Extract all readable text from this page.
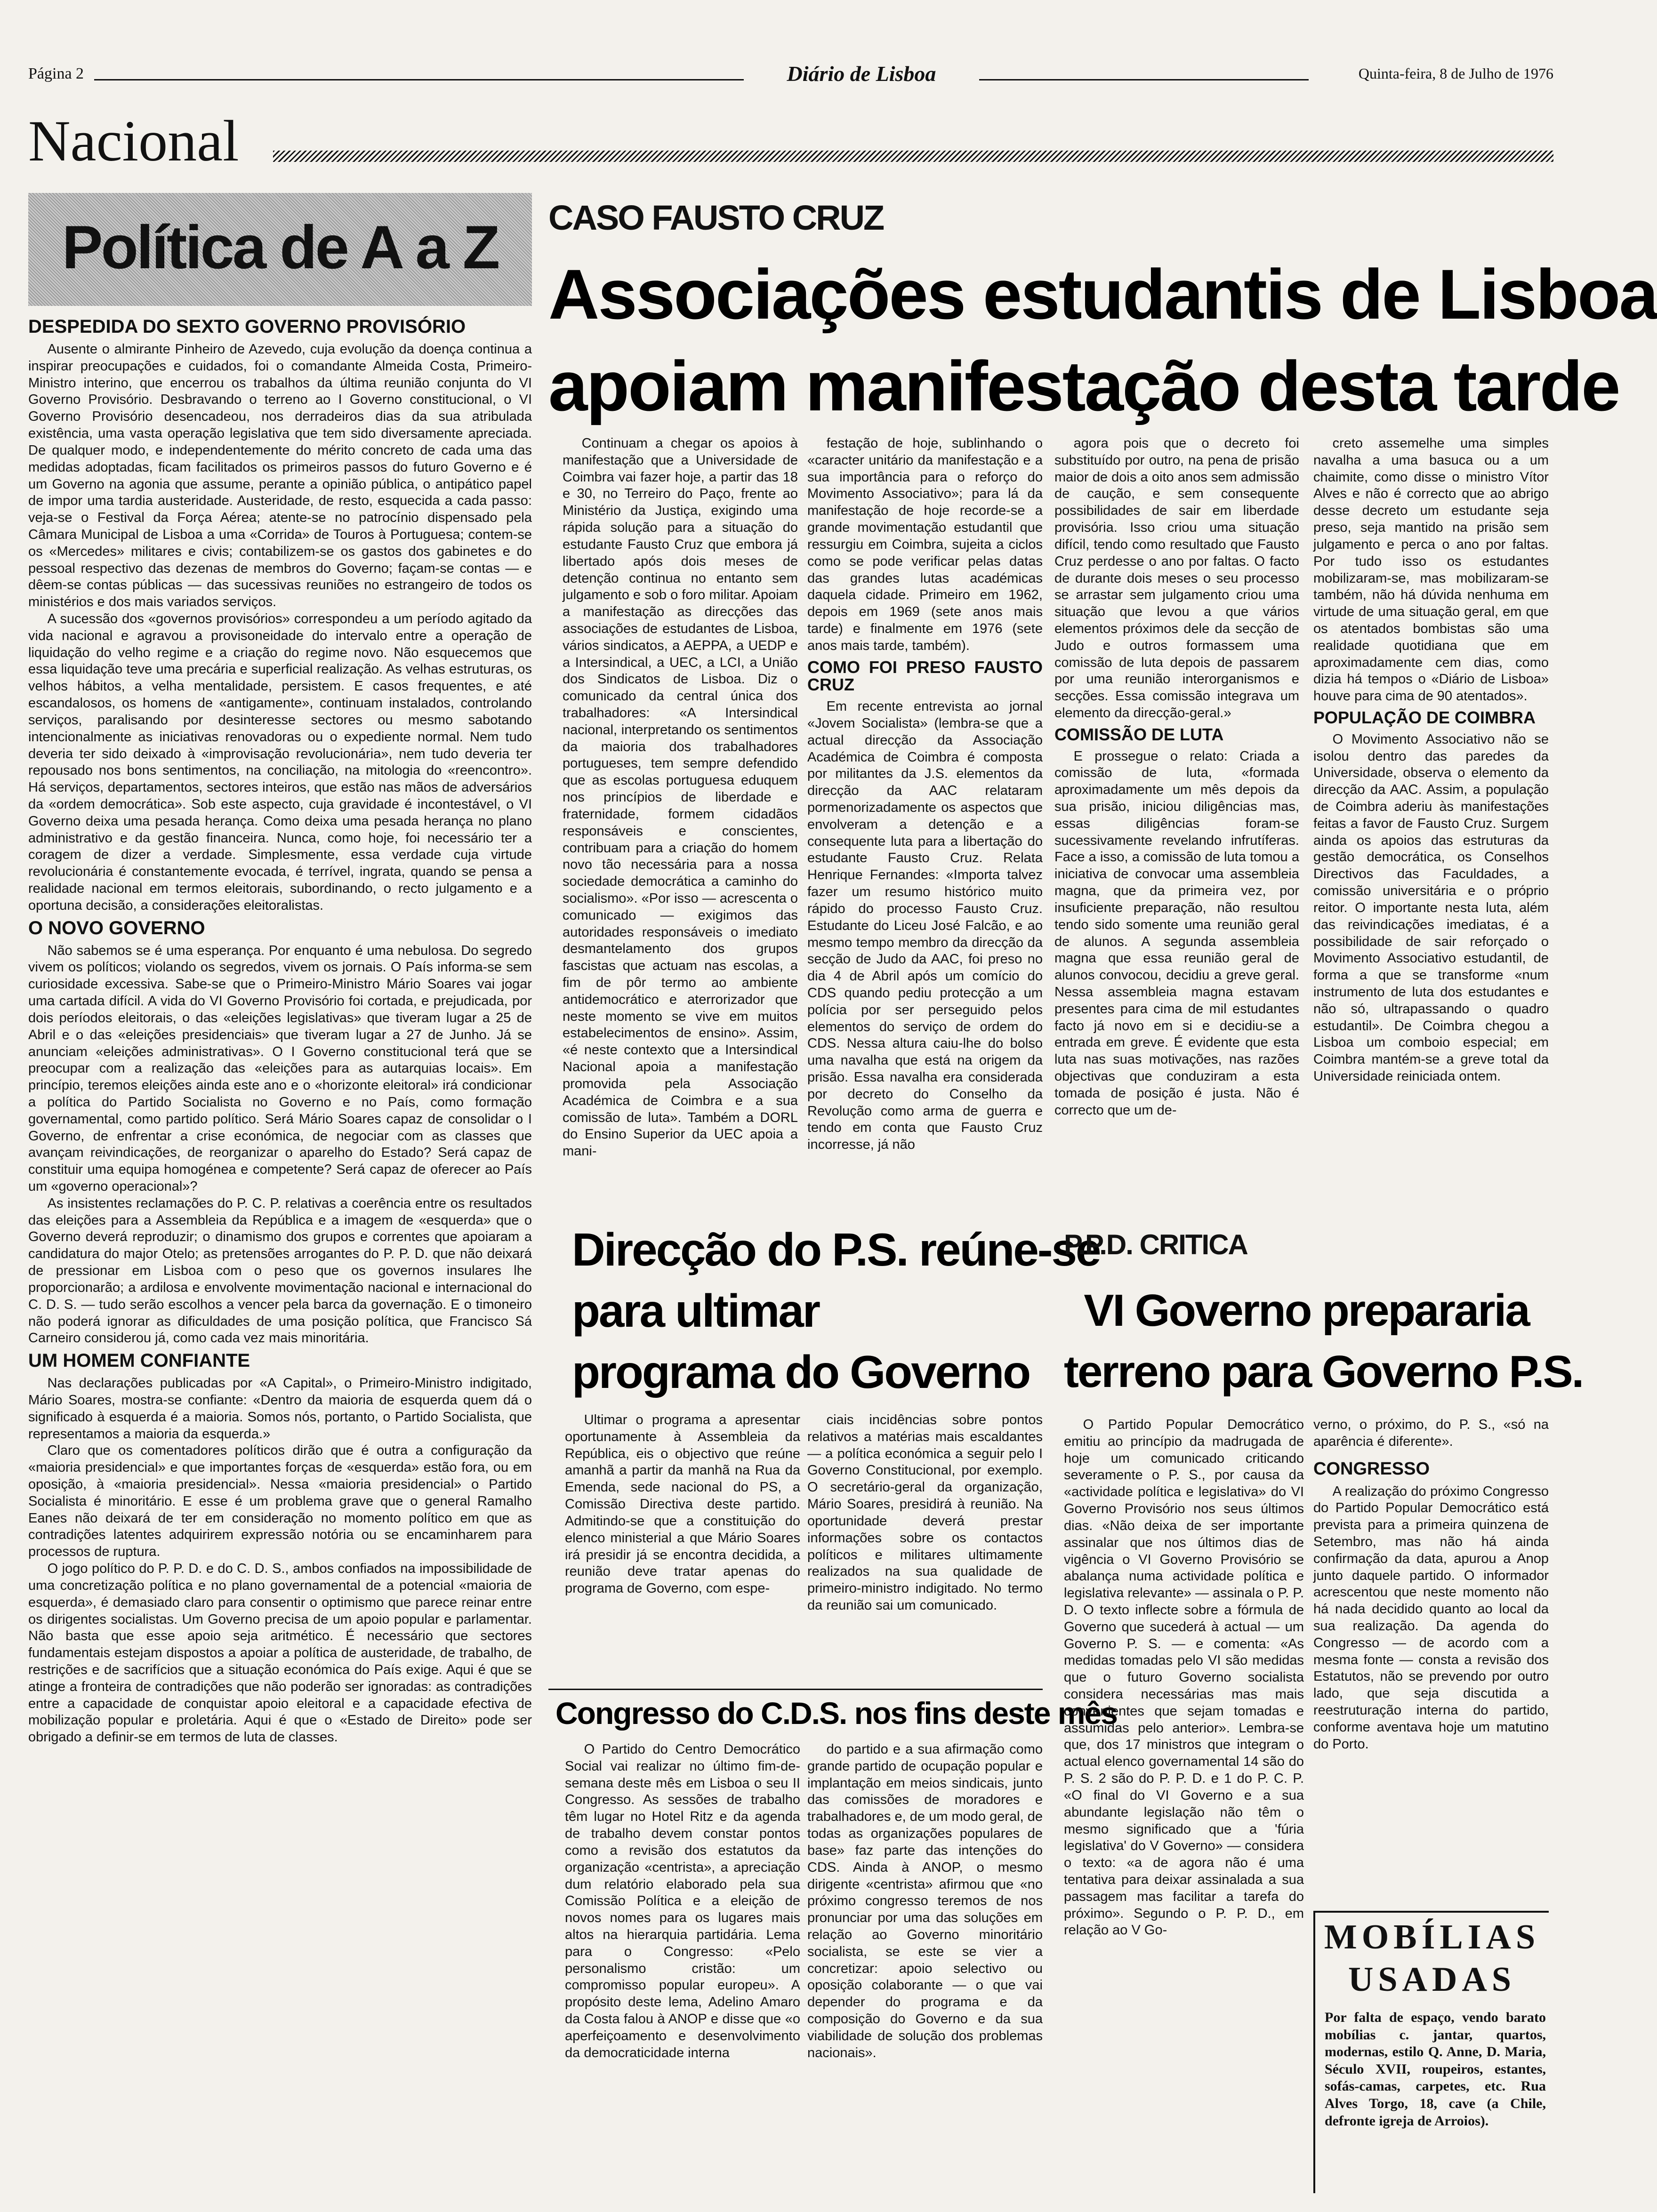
Página 2	Diário de Lisboa	Quinta-feira, 8 de Julho de 1976
Nacional
Política de A a Z
DESPEDIDA DO SEXTO GOVERNO PROVISÓRIO

Ausente o almirante Pinheiro de Azevedo, cuja evolução da doença continua a inspirar preocupações e cuidados, foi o comandante Almeida Costa, Primeiro-Ministro interino, que encerrou os trabalhos da última reunião conjunta do VI Governo Provisório. Desbravando o terreno ao I Governo constitucional, o VI Governo Provisório desencadeou, nos derradeiros dias da sua atribulada existência, uma vasta operação legislativa que tem sido diversamente apreciada. De qualquer modo, e independentemente do mérito concreto de cada uma das medidas adoptadas, ficam facilitados os primeiros passos do futuro Governo e é um Governo na agonia que assume, perante a opinião pública, o antipático papel de impor uma tardia austeridade. Austeridade, de resto, esquecida a cada passo: veja-se o Festival da Força Aérea; atente-se no patrocínio dispensado pela Câmara Municipal de Lisboa a uma «Corrida» de Touros à Portuguesa; contem-se os «Mercedes» militares e civis; contabilizem-se os gastos dos gabinetes e do pessoal respectivo das dezenas de membros do Governo; façam-se contas — e dêem-se contas públicas — das sucessivas reuniões no estrangeiro de todos os ministérios e dos mais variados serviços.

A sucessão dos «governos provisórios» correspondeu a um período agitado da vida nacional e agravou a provisoneidade do intervalo entre a operação de liquidação do velho regime e a criação do regime novo. Não esquecemos que essa liquidação teve uma precária e superficial realização. As velhas estruturas, os velhos hábitos, a velha mentalidade, persistem. E casos frequentes, e até escandalosos, os homens de «antigamente», continuam instalados, controlando serviços, paralisando por desinteresse sectores ou mesmo sabotando intencionalmente as iniciativas renovadoras ou o expediente normal. Nem tudo deveria ter sido deixado à «improvisação revolucionária», nem tudo deveria ter repousado nos bons sentimentos, na conciliação, na mitologia do «reencontro». Há serviços, departamentos, sectores inteiros, que estão nas mãos de adversários da «ordem democrática». Sob este aspecto, cuja gravidade é incontestável, o VI Governo deixa uma pesada herança. Como deixa uma pesada herança no plano administrativo e da gestão financeira. Nunca, como hoje, foi necessário ter a coragem de dizer a verdade. Simplesmente, essa verdade cuja virtude revolucionária é constantemente evocada, é terrível, ingrata, quando se pensa a realidade nacional em termos eleitorais, subordinando, o recto julgamento e a oportuna decisão, a considerações eleitoralistas.

O NOVO GOVERNO

Não sabemos se é uma esperança. Por enquanto é uma nebulosa. Do segredo vivem os políticos; violando os segredos, vivem os jornais. O País informa-se sem curiosidade excessiva. Sabe-se que o Primeiro-Ministro Mário Soares vai jogar uma cartada difícil. A vida do VI Governo Provisório foi cortada, e prejudicada, por dois períodos eleitorais, o das «eleições legislativas» que tiveram lugar a 25 de Abril e o das «eleições presidenciais» que tiveram lugar a 27 de Junho. Já se anunciam «eleições administrativas». O I Governo constitucional terá que se preocupar com a realização das «eleições para as autarquias locais». Em princípio, teremos eleições ainda este ano e o «horizonte eleitoral» irá condicionar a política do Partido Socialista no Governo e no País, como formação governamental, como partido político. Será Mário Soares capaz de consolidar o I Governo, de enfrentar a crise económica, de negociar com as classes que avançam reivindicações, de reorganizar o aparelho do Estado? Será capaz de constituir uma equipa homogénea e competente? Será capaz de oferecer ao País um «governo operacional»?

As insistentes reclamações do P. C. P. relativas a coerência entre os resultados das eleições para a Assembleia da República e a imagem de «esquerda» que o Governo deverá reproduzir; o dinamismo dos grupos e correntes que apoiaram a candidatura do major Otelo; as pretensões arrogantes do P. P. D. que não deixará de pressionar em Lisboa com o peso que os governos insulares lhe proporcionarão; a ardilosa e envolvente movimentação nacional e internacional do C. D. S. — tudo serão escolhos a vencer pela barca da governação. E o timoneiro não poderá ignorar as dificuldades de uma posição política, que Francisco Sá Carneiro considerou já, como cada vez mais minoritária.

UM HOMEM CONFIANTE

Nas declarações publicadas por «A Capital», o Primeiro-Ministro indigitado, Mário Soares, mostra-se confiante: «Dentro da maioria de esquerda quem dá o significado à esquerda é a maioria. Somos nós, portanto, o Partido Socialista, que representamos a maioria da esquerda.»

Claro que os comentadores políticos dirão que é outra a configuração da «maioria presidencial» e que importantes forças de «esquerda» estão fora, ou em oposição, à «maioria presidencial». Nessa «maioria presidencial» o Partido Socialista é minoritário. E esse é um problema grave que o general Ramalho Eanes não deixará de ter em consideração no momento político em que as contradições latentes adquirirem expressão notória ou se encaminharem para processos de ruptura.

O jogo político do P. P. D. e do C. D. S., ambos confiados na impossibilidade de uma concretização política e no plano governamental de a potencial «maioria de esquerda», é demasiado claro para consentir o optimismo que parece reinar entre os dirigentes socialistas. Um Governo precisa de um apoio popular e parlamentar. Não basta que esse apoio seja aritmético. É necessário que sectores fundamentais estejam dispostos a apoiar a política de austeridade, de trabalho, de restrições e de sacrifícios que a situação económica do País exige. Aqui é que se atinge a fronteira de contradições que não poderão ser ignoradas: as contradições entre a capacidade de conquistar apoio eleitoral e a capacidade efectiva de mobilização popular e proletária. Aqui é que o «Estado de Direito» pode ser obrigado a definir-se em termos de luta de classes.

CASO FAUSTO CRUZ
Associações estudantis de Lisboa
apoiam manifestação desta tarde

Continuam a chegar os apoios à manifestação que a Universidade de Coimbra vai fazer hoje, a partir das 18 e 30, no Terreiro do Paço, frente ao Ministério da Justiça, exigindo uma rápida solução para a situação do estudante Fausto Cruz que embora já libertado após dois meses de detenção continua no entanto sem julgamento e sob o foro militar. Apoiam a manifestação as direcções das associações de estudantes de Lisboa, vários sindicatos, a AEPPA, a UEDP e a Intersindical, a UEC, a LCI, a União dos Sindicatos de Lisboa. Diz o comunicado da central única dos trabalhadores: «A Intersindical nacional, interpretando os sentimentos da maioria dos trabalhadores portugueses, tem sempre defendido que as escolas portuguesa eduquem nos princípios de liberdade e fraternidade, formem cidadãos responsáveis e conscientes, contribuam para a criação do homem novo tão necessária para a nossa sociedade democrática a caminho do socialismo». «Por isso — acrescenta o comunicado — exigimos das autoridades responsáveis o imediato desmantelamento dos grupos fascistas que actuam nas escolas, a fim de pôr termo ao ambiente antidemocrático e aterrorizador que neste momento se vive em muitos estabelecimentos de ensino». Assim, «é neste contexto que a Intersindical Nacional apoia a manifestação promovida pela Associação Académica de Coimbra e a sua comissão de luta». Também a DORL do Ensino Superior da UEC apoia a mani-

festação de hoje, sublinhando o «caracter unitário da manifestação e a sua importância para o reforço do Movimento Associativo»; para lá da manifestação de hoje recorde-se a grande movimentação estudantil que ressurgiu em Coimbra, sujeita a ciclos como se pode verificar pelas datas das grandes lutas académicas daquela cidade. Primeiro em 1962, depois em 1969 (sete anos mais tarde) e finalmente em 1976 (sete anos mais tarde, também).

COMO FOI PRESO FAUSTO CRUZ

Em recente entrevista ao jornal «Jovem Socialista» (lembra-se que a actual direcção da Associação Académica de Coimbra é composta por militantes da J.S. elementos da direcção da AAC relataram pormenorizadamente os aspectos que envolveram a detenção e a consequente luta para a libertação do estudante Fausto Cruz. Relata Henrique Fernandes: «Importa talvez fazer um resumo histórico muito rápido do processo Fausto Cruz. Estudante do Liceu José Falcão, e ao mesmo tempo membro da direcção da secção de Judo da AAC, foi preso no dia 4 de Abril após um comício do CDS quando pediu protecção a um polícia por ser perseguido pelos elementos do serviço de ordem do CDS. Nessa altura caiu-lhe do bolso uma navalha que está na origem da prisão. Essa navalha era considerada por decreto do Conselho da Revolução como arma de guerra e tendo em conta que Fausto Cruz incorresse, já não

agora pois que o decreto foi substituído por outro, na pena de prisão maior de dois a oito anos sem admissão de caução, e sem consequente possibilidades de sair em liberdade provisória. Isso criou uma situação difícil, tendo como resultado que Fausto Cruz perdesse o ano por faltas. O facto de durante dois meses o seu processo se arrastar sem julgamento criou uma situação que levou a que vários elementos próximos dele da secção de Judo e outros formassem uma comissão de luta depois de passarem por uma reunião interorganismos e secções. Essa comissão integrava um elemento da direcção-geral.»

COMISSÃO DE LUTA

E prossegue o relato: Criada a comissão de luta, «formada aproximadamente um mês depois da sua prisão, iniciou diligências mas, essas diligências foram-se sucessivamente revelando infrutíferas. Face a isso, a comissão de luta tomou a iniciativa de convocar uma assembleia magna, que da primeira vez, por insuficiente preparação, não resultou tendo sido somente uma reunião geral de alunos. A segunda assembleia magna que essa reunião geral de alunos convocou, decidiu a greve geral. Nessa assembleia magna estavam presentes para cima de mil estudantes facto já novo em si e decidiu-se a entrada em greve. É evidente que esta luta nas suas motivações, nas razões objectivas que conduziram a esta tomada de posição é justa. Não é correcto que um de-

creto assemelhe uma simples navalha a uma basuca ou a um chaimite, como disse o ministro Vítor Alves e não é correcto que ao abrigo desse decreto um estudante seja preso, seja mantido na prisão sem julgamento e perca o ano por faltas. Por tudo isso os estudantes mobilizaram-se, mas mobilizaram-se também, não há dúvida nenhuma em virtude de uma situação geral, em que os atentados bombistas são uma realidade quotidiana que em aproximadamente cem dias, como dizia há tempos o «Diário de Lisboa» houve para cima de 90 atentados».

POPULAÇÃO DE COIMBRA

O Movimento Associativo não se isolou dentro das paredes da Universidade, observa o elemento da direcção da AAC. Assim, a população de Coimbra aderiu às manifestações feitas a favor de Fausto Cruz. Surgem ainda os apoios das estruturas da gestão democrática, os Conselhos Directivos das Faculdades, a comissão universitária e o próprio reitor. O importante nesta luta, além das reivindicações imediatas, é a possibilidade de sair reforçado o Movimento Associativo estudantil, de forma a que se transforme «num instrumento de luta dos estudantes e não só, ultrapassando o quadro estudantil». De Coimbra chegou a Lisboa um comboio especial; em Coimbra mantém-se a greve total da Universidade reiniciada ontem.

Direcção do P.S. reúne-se
para ultimar
programa do Governo

Ultimar o programa a apresentar oportunamente à Assembleia da República, eis o objectivo que reúne amanhã a partir da manhã na Rua da Emenda, sede nacional do PS, a Comissão Directiva deste partido. Admitindo-se que a constituição do elenco ministerial a que Mário Soares irá presidir já se encontra decidida, a reunião deve tratar apenas do programa de Governo, com espe-

ciais incidências sobre pontos relativos a matérias mais escaldantes — a política económica a seguir pelo I Governo Constitucional, por exemplo. O secretário-geral da organização, Mário Soares, presidirá à reunião. Na oportunidade deverá prestar informações sobre os contactos políticos e militares ultimamente realizados na sua qualidade de primeiro-ministro indigitado. No termo da reunião sai um comunicado.

Congresso do C.D.S. nos fins deste mês

O Partido do Centro Democrático Social vai realizar no último fim-de-semana deste mês em Lisboa o seu II Congresso. As sessões de trabalho têm lugar no Hotel Ritz e da agenda de trabalho devem constar pontos como a revisão dos estatutos da organização «centrista», a apreciação dum relatório elaborado pela sua Comissão Política e a eleição de novos nomes para os lugares mais altos na hierarquia partidária. Lema para o Congresso: «Pelo personalismo cristão: um compromisso popular europeu». A propósito deste lema, Adelino Amaro da Costa falou à ANOP e disse que «o aperfeiçoamento e desenvolvimento da democraticidade interna

do partido e a sua afirmação como grande partido de ocupação popular e implantação em meios sindicais, junto das comissões de moradores e trabalhadores e, de um modo geral, de todas as organizações populares de base» faz parte das intenções do CDS. Ainda à ANOP, o mesmo dirigente «centrista» afirmou que «no próximo congresso teremos de nos pronunciar por uma das soluções em relação ao Governo minoritário socialista, se este se vier a concretizar: apoio selectivo ou oposição colaborante — o que vai depender do programa e da composição do Governo e da sua viabilidade de solução dos problemas nacionais».

P.P.D. CRITICA
VI Governo prepararia
terreno para Governo P.S.

O Partido Popular Democrático emitiu ao princípio da madrugada de hoje um comunicado criticando severamente o P. S., por causa da «actividade política e legislativa» do VI Governo Provisório nos seus últimos dias. «Não deixa de ser importante assinalar que nos últimos dias de vigência o VI Governo Provisório se abalança numa actividade política e legislativa relevante» — assinala o P. P. D. O texto inflecte sobre a fórmula de Governo que sucederá à actual — um Governo P. S. — e comenta: «As medidas tomadas pelo VI são medidas que o futuro Governo socialista considera necessárias mas mais convenientes que sejam tomadas e assumidas pelo anterior». Lembra-se que, dos 17 ministros que integram o actual elenco governamental 14 são do P. S. 2 são do P. P. D. e 1 do P. C. P. «O final do VI Governo e a sua abundante legislação não têm o mesmo significado que a 'fúria legislativa' do V Governo» — considera o texto: «a de agora não é uma tentativa para deixar assinalada a sua passagem mas facilitar a tarefa do próximo». Segundo o P. P. D., em relação ao V Go-

verno, o próximo, do P. S., «só na aparência é diferente».

CONGRESSO

A realização do próximo Congresso do Partido Popular Democrático está prevista para a primeira quinzena de Setembro, mas não há ainda confirmação da data, apurou a Anop junto daquele partido. O informador acrescentou que neste momento não há nada decidido quanto ao local da sua realização. Da agenda do Congresso — de acordo com a mesma fonte — consta a revisão dos Estatutos, não se prevendo por outro lado, que seja discutida a reestruturação interna do partido, conforme aventava hoje um matutino do Porto.

MOBÍLIAS
USADAS
Por falta de espaço, vendo barato mobílias c. jantar, quartos, modernas, estilo Q. Anne, D. Maria, Século XVII, roupeiros, estantes, sofás-camas, carpetes, etc. Rua Alves Torgo, 18, cave (a Chile, defronte igreja de Arroios).
